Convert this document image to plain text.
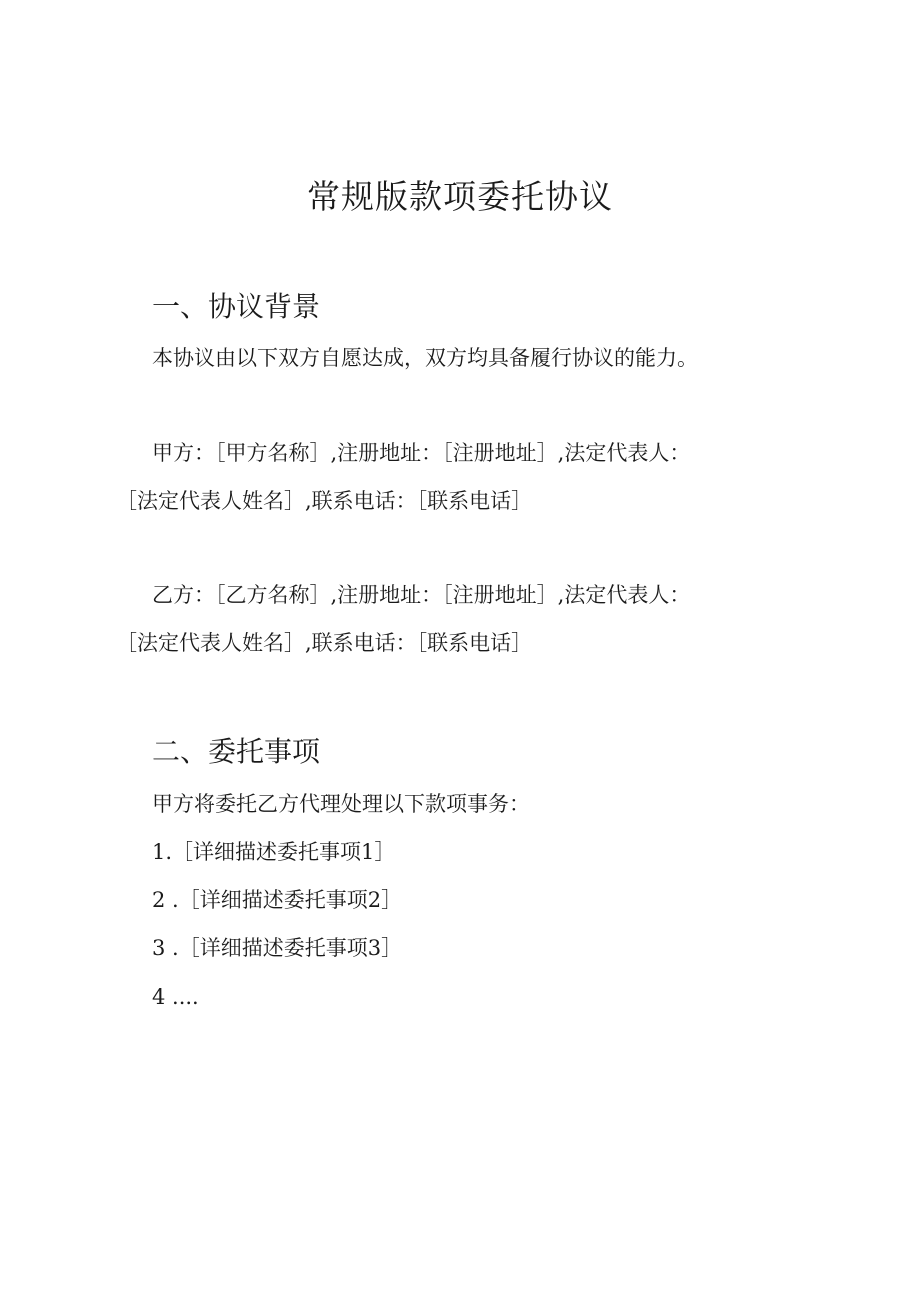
常规版款项委托协议
一、协议背景

本协议由以下双方自愿达成，双方均具备履行协议的能力。

甲方：［甲方名称］,注册地址：［注册地址］,法定代表人：

［法定代表人姓名］,联系电话：［联系电话］

乙方：［乙方名称］,注册地址：［注册地址］,法定代表人：

［法定代表人姓名］,联系电话：［联系电话］

二、委托事项

甲方将委托乙方代理处理以下款项事务：

1.［详细描述委托事项1］

2 .［详细描述委托事项2］

3 .［详细描述委托事项3］

4 ....
